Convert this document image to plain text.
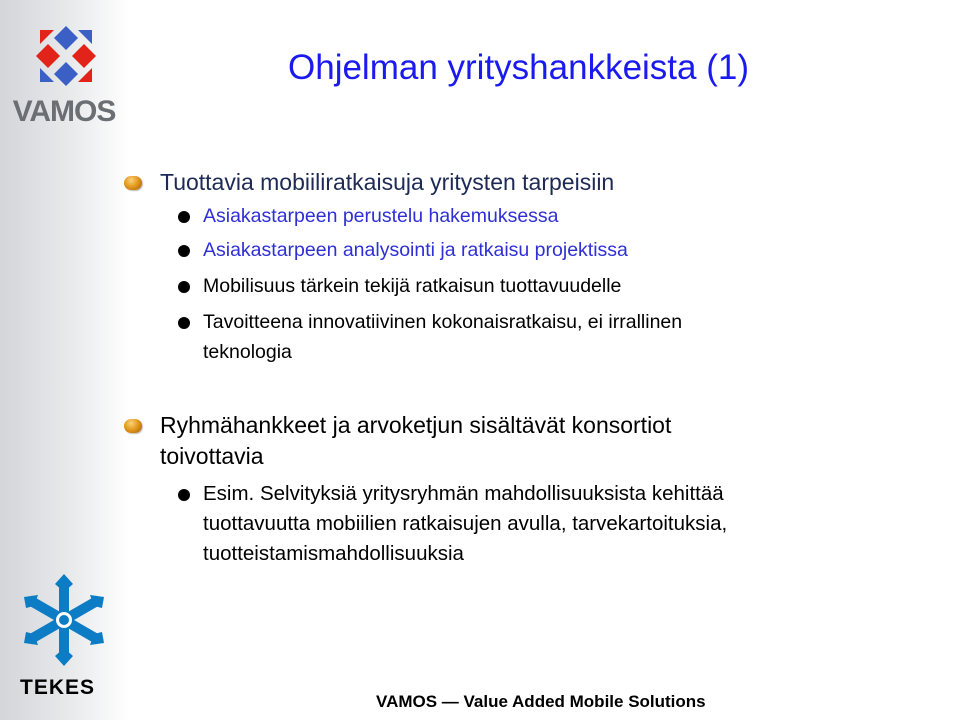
VAMOS
TEKES
Ohjelman yrityshankkeista (1)
Tuottavia mobiiliratkaisuja yritysten tarpeisiin
Asiakastarpeen perustelu hakemuksessa
Asiakastarpeen analysointi ja ratkaisu projektissa
Mobilisuus tärkein tekijä ratkaisun tuottavuudelle
Tavoitteena innovatiivinen kokonaisratkaisu, ei irrallinen
teknologia
Ryhmähankkeet ja arvoketjun sisältävät konsortiot
toivottavia
Esim. Selvityksiä yritysryhmän mahdollisuuksista kehittää
tuottavuutta mobiilien ratkaisujen avulla, tarvekartoituksia,
tuotteistamismahdollisuuksia
VAMOS — Value Added Mobile Solutions
